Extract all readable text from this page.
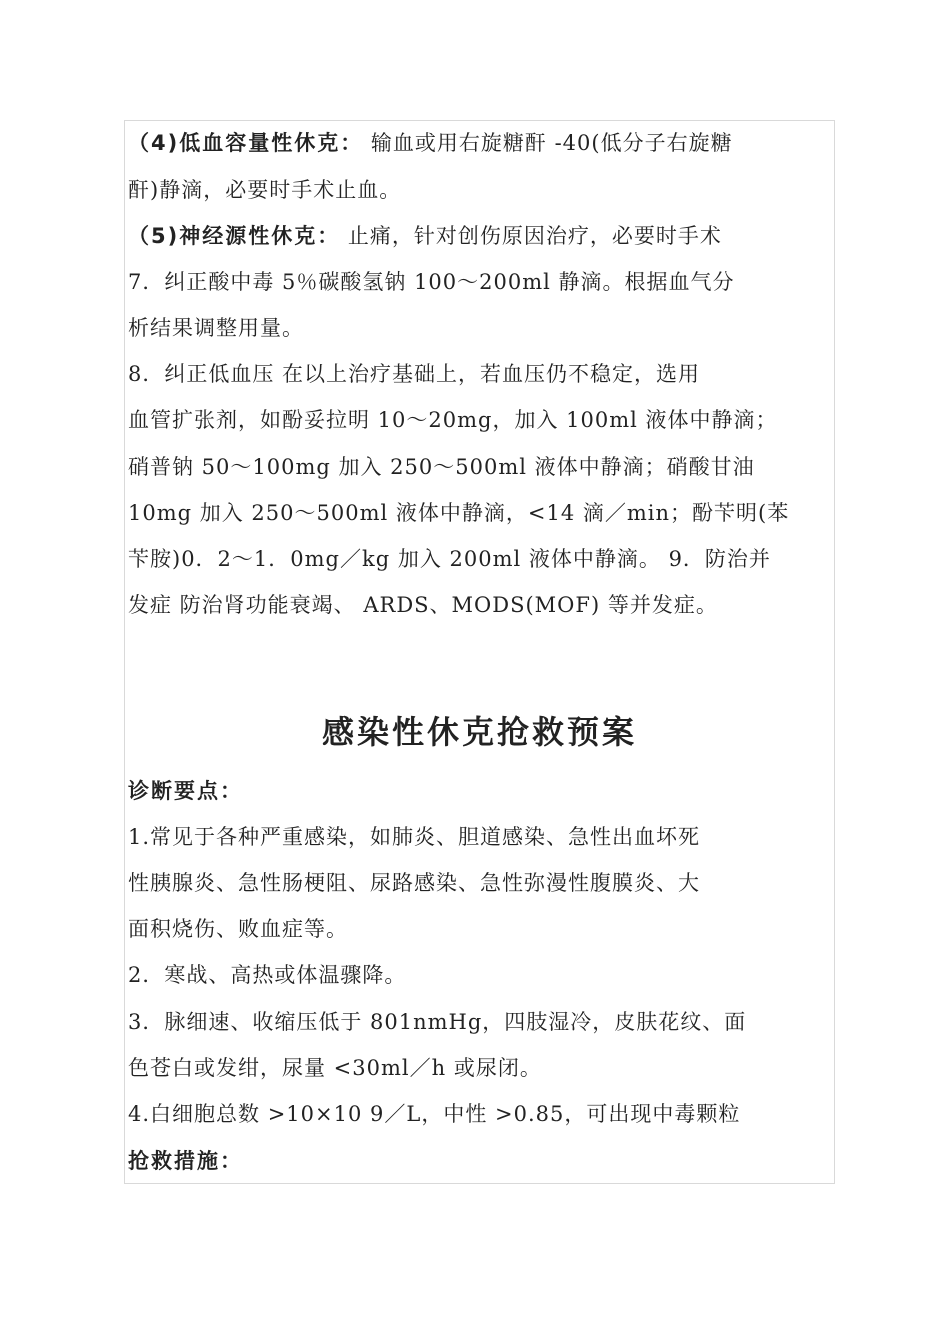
（4)低血容量性休克： 输血或用右旋糖酐 -40(低分子右旋糖
酐)静滴，必要时手术止血。
（5)神经源性休克： 止痛，针对创伤原因治疗，必要时手术
7．纠正酸中毒 5％碳酸氢钠 100～200ml 静滴。根据血气分
析结果调整用量。
8．纠正低血压 在以上治疗基础上，若血压仍不稳定，选用
血管扩张剂，如酚妥拉明 10～20mg，加入 100ml 液体中静滴；
硝普钠 50～100mg 加入 250～500ml 液体中静滴；硝酸甘油
10mg 加入 250～500ml 液体中静滴，<14 滴／min；酚苄明(苯
苄胺)0．2～1．0mg／kg 加入 200ml 液体中静滴。 9．防治并
发症 防治肾功能衰竭、 ARDS、MODS(MOF) 等并发症。
感染性休克抢救预案
诊断要点：
1.常见于各种严重感染，如肺炎、胆道感染、急性出血坏死
性胰腺炎、急性肠梗阻、尿路感染、急性弥漫性腹膜炎、大
面积烧伤、败血症等。
2．寒战、高热或体温骤降。
3．脉细速、收缩压低于 801nmHg，四肢湿冷，皮肤花纹、面
色苍白或发绀，尿量 <30ml／h 或尿闭。
4.白细胞总数 >10×10 9／L，中性 >0.85，可出现中毒颗粒
抢救措施：
